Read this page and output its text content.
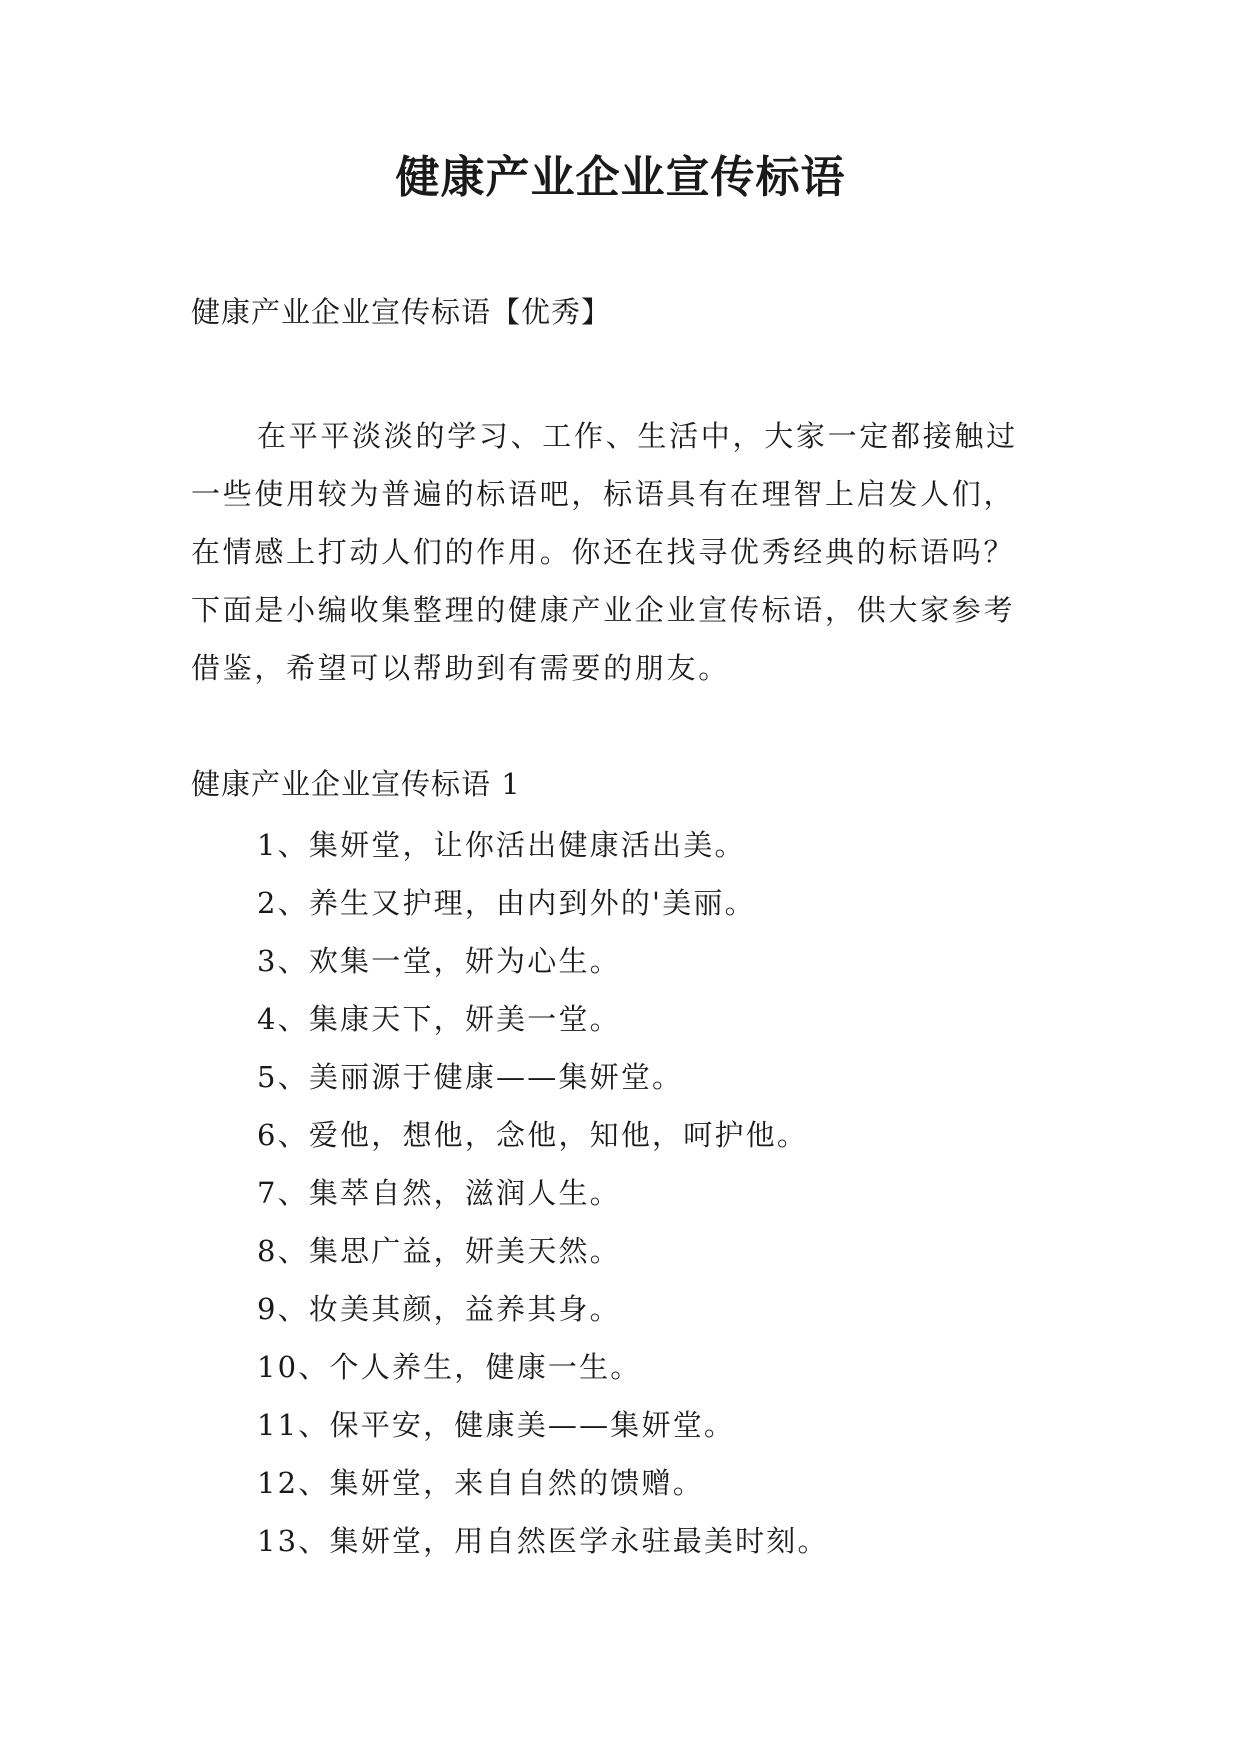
健康产业企业宣传标语

健康产业企业宣传标语【优秀】

在平平淡淡的学习、工作、生活中，大家一定都接触过
一些使用较为普遍的标语吧，标语具有在理智上启发人们，
在情感上打动人们的作用。你还在找寻优秀经典的标语吗？
下面是小编收集整理的健康产业企业宣传标语，供大家参考
借鉴，希望可以帮助到有需要的朋友。

健康产业企业宣传标语 1

1、集妍堂，让你活出健康活出美。
2、养生又护理，由内到外的'美丽。
3、欢集一堂，妍为心生。
4、集康天下，妍美一堂。
5、美丽源于健康——集妍堂。
6、爱他，想他，念他，知他，呵护他。
7、集萃自然，滋润人生。
8、集思广益，妍美天然。
9、妆美其颜，益养其身。
10、个人养生，健康一生。
11、保平安，健康美——集妍堂。
12、集妍堂，来自自然的馈赠。
13、集妍堂，用自然医学永驻最美时刻。
